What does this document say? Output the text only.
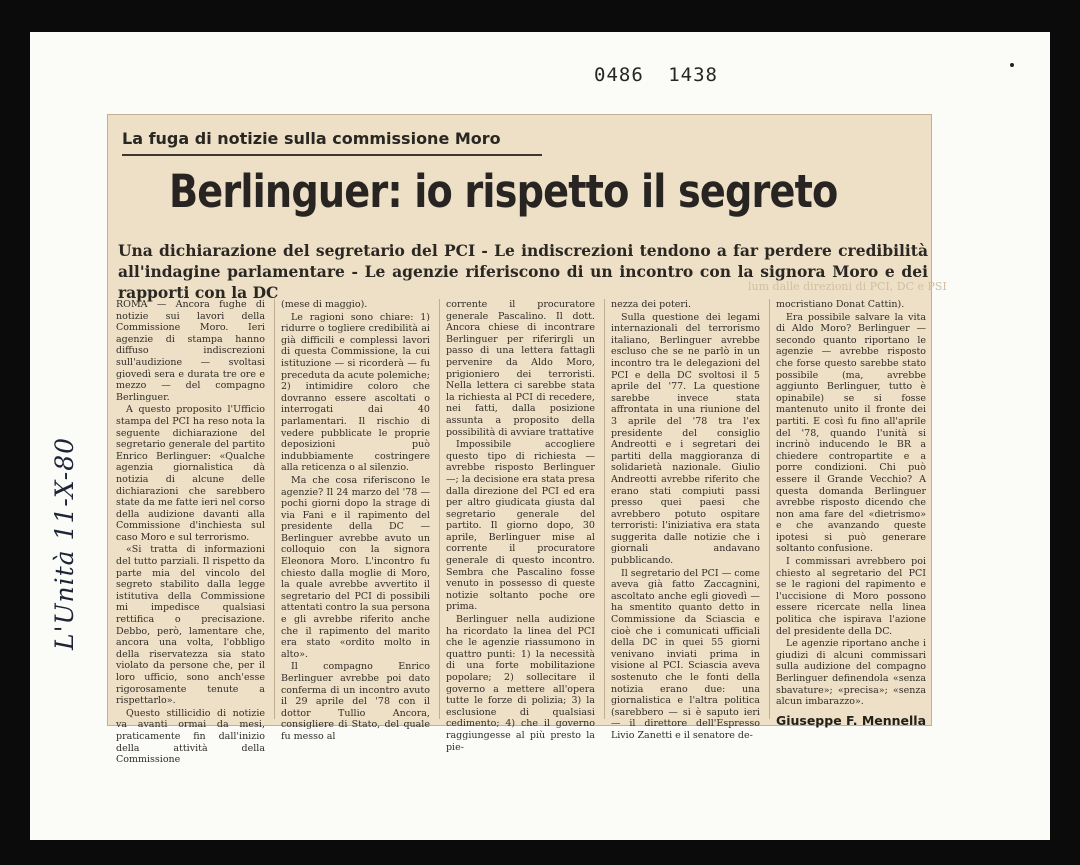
0486 1438
L'Unità 11-X-80
La fuga di notizie sulla commissione Moro
Berlinguer: io rispetto il segreto
Una dichiarazione del segretario del PCI - Le indiscrezioni tendono a far perdere credibilità all'indagine parlamentare - Le agenzie riferiscono di un incontro con la signora Moro e dei rapporti con la DC	lum dalle direzioni di PCI, DC e PSI
ROMA — Ancora fughe di notizie sui lavori della Commissione Moro. Ieri agenzie di stampa hanno diffuso indiscrezioni sull'audizione — svoltasi giovedì sera e durata tre ore e mezzo — del compagno Berlinguer.
A questo proposito l'Ufficio stampa del PCI ha reso nota la seguente dichiarazione del segretario generale del partito Enrico Berlinguer: «Qualche agenzia giornalistica dà notizia di alcune delle dichiarazioni che sarebbero state da me fatte ieri nel corso della audizione davanti alla Commissione d'inchiesta sul caso Moro e sul terrorismo.
«Si tratta di informazioni del tutto parziali. Il rispetto da parte mia del vincolo del segreto stabilito dalla legge istitutiva della Commissione mi impedisce qualsiasi rettifica o precisazione. Debbo, però, lamentare che, ancora una volta, l'obbligo della riservatezza sia stato violato da persone che, per il loro ufficio, sono anch'esse rigorosamente tenute a rispettarlo».
Questo stillicidio di notizie va avanti ormai da mesi, praticamente fin dall'inizio della attività della Commissione
(mese di maggio).
Le ragioni sono chiare: 1) ridurre o togliere credibilità ai già difficili e complessi lavori di questa Commissione, la cui istituzione — si ricorderà — fu preceduta da acute polemiche; 2) intimidire coloro che dovranno essere ascoltati o interrogati dai 40 parlamentari. Il rischio di vedere pubblicate le proprie deposizioni può indubbiamente costringere alla reticenza o al silenzio.
Ma che cosa riferiscono le agenzie? Il 24 marzo del '78 — pochi giorni dopo la strage di via Fani e il rapimento del presidente della DC — Berlinguer avrebbe avuto un colloquio con la signora Eleonora Moro. L'incontro fu chiesto dalla moglie di Moro, la quale avrebbe avvertito il segretario del PCI di possibili attentati contro la sua persona e gli avrebbe riferito anche che il rapimento del marito era stato «ordito molto in alto».
Il compagno Enrico Berlinguer avrebbe poi dato conferma di un incontro avuto il 29 aprile del '78 con il dottor Tullio Ancora, consigliere di Stato, del quale fu messo al
corrente il procuratore generale Pascalino. Il dott. Ancora chiese di incontrare Berlinguer per riferirgli un passo di una lettera fattagli pervenire da Aldo Moro, prigioniero dei terroristi. Nella lettera ci sarebbe stata la richiesta al PCI di recedere, nei fatti, dalla posizione assunta a proposito della possibilità di avviare trattative
Impossibile accogliere questo tipo di richiesta — avrebbe risposto Berlinguer —; la decisione era stata presa dalla direzione del PCI ed era per altro giudicata giusta dal segretario generale del partito. Il giorno dopo, 30 aprile, Berlinguer mise al corrente il procuratore generale di questo incontro. Sembra che Pascalino fosse venuto in possesso di queste notizie soltanto poche ore prima.
Berlinguer nella audizione ha ricordato la linea del PCI che le agenzie riassumono in quattro punti: 1) la necessità di una forte mobilitazione popolare; 2) sollecitare il governo a mettere all'opera tutte le forze di polizia; 3) la esclusione di qualsiasi cedimento; 4) che il governo raggiungesse al più presto la pie-
nezza dei poteri.
Sulla questione dei legami internazionali del terrorismo italiano, Berlinguer avrebbe escluso che se ne parlò in un incontro tra le delegazioni del PCI e della DC svoltosi il 5 aprile del '77. La questione sarebbe invece stata affrontata in una riunione del 3 aprile del '78 tra l'ex presidente del consiglio Andreotti e i segretari dei partiti della maggioranza di solidarietà nazionale. Giulio Andreotti avrebbe riferito che erano stati compiuti passi presso quei paesi che avrebbero potuto ospitare terroristi: l'iniziativa era stata suggerita dalle notizie che i giornali andavano pubblicando.
Il segretario del PCI — come aveva già fatto Zaccagnini, ascoltato anche egli giovedì — ha smentito quanto detto in Commissione da Sciascia e cioè che i comunicati ufficiali della DC in quei 55 giorni venivano inviati prima in visione al PCI. Sciascia aveva sostenuto che le fonti della notizia erano due: una giornalistica e l'altra politica (sarebbero — si è saputo ieri — il direttore dell'Espresso Livio Zanetti e il senatore de-
mocristiano Donat Cattin).
Era possibile salvare la vita di Aldo Moro? Berlinguer — secondo quanto riportano le agenzie — avrebbe risposto che forse questo sarebbe stato possibile (ma, avrebbe aggiunto Berlinguer, tutto è opinabile) se si fosse mantenuto unito il fronte dei partiti. E così fu fino all'aprile del '78, quando l'unità si incrinò inducendo le BR a chiedere contropartite e a porre condizioni. Chi può essere il Grande Vecchio? A questa domanda Berlinguer avrebbe risposto dicendo che non ama fare del «dietrismo» e che avanzando queste ipotesi si può generare soltanto confusione.
I commissari avrebbero poi chiesto al segretario del PCI se le ragioni del rapimento e l'uccisione di Moro possono essere ricercate nella linea politica che ispirava l'azione del presidente della DC.
Le agenzie riportano anche i giudizi di alcuni commissari sulla audizione del compagno Berlinguer definendola «senza sbavature»; «precisa»; «senza alcun imbarazzo».
Giuseppe F. Mennella
